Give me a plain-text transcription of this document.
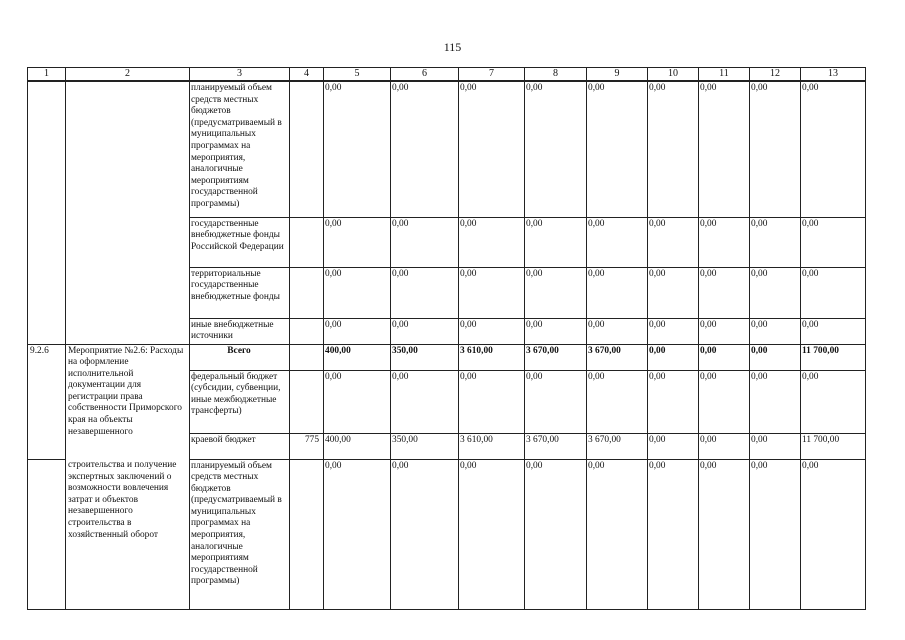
115
1	2	3	4	5	6	7	8	9	10	11	12	13
		планируемый объем средств местных бюджетов (предусматриваемый в муниципальных программах на мероприятия, аналогичные мероприятиям государственной программы)		0,00	0,00	0,00	0,00	0,00	0,00	0,00	0,00	0,00
		государственные внебюджетные фонды Российской Федерации		0,00	0,00	0,00	0,00	0,00	0,00	0,00	0,00	0,00
		территориальные государственные внебюджетные фонды		0,00	0,00	0,00	0,00	0,00	0,00	0,00	0,00	0,00
		иные внебюджетные источники		0,00	0,00	0,00	0,00	0,00	0,00	0,00	0,00	0,00
9.2.6	Мероприятие №2.6: Расходы на оформление исполнительной документации для регистрации права собственности Приморского края на объекты незавершенного	Всего		400,00	350,00	3 610,00	3 670,00	3 670,00	0,00	0,00	0,00	11 700,00
		федеральный бюджет (субсидии, субвенции, иные межбюджетные трансферты)		0,00	0,00	0,00	0,00	0,00	0,00	0,00	0,00	0,00
		краевой бюджет	775	400,00	350,00	3 610,00	3 670,00	3 670,00	0,00	0,00	0,00	11 700,00
	строительства и получение экспертных заключений о возможности вовлечения затрат и объектов незавершенного строительства в хозяйственный оборот	планируемый объем средств местных бюджетов (предусматриваемый в муниципальных программах на мероприятия, аналогичные мероприятиям государственной программы)		0,00	0,00	0,00	0,00	0,00	0,00	0,00	0,00	0,00
